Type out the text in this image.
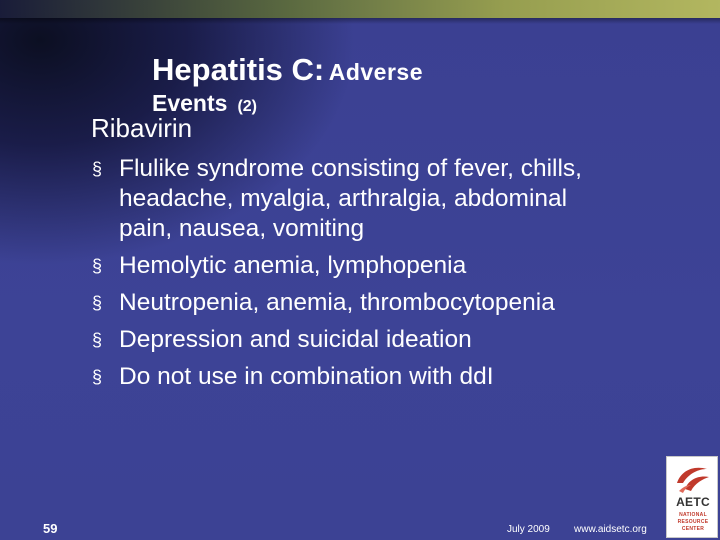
Hepatitis C: Adverse
Events (2)
Ribavirin
§ Flulike syndrome consisting of fever, chills,
headache, myalgia, arthralgia, abdominal
pain, nausea, vomiting
§ Hemolytic anemia, lymphopenia
§ Neutropenia, anemia, thrombocytopenia
§ Depression and suicidal ideation
§ Do not use in combination with ddI
59	July 2009 www.aidsetc.org
AETC
NATIONAL
RESOURCE
CENTER
